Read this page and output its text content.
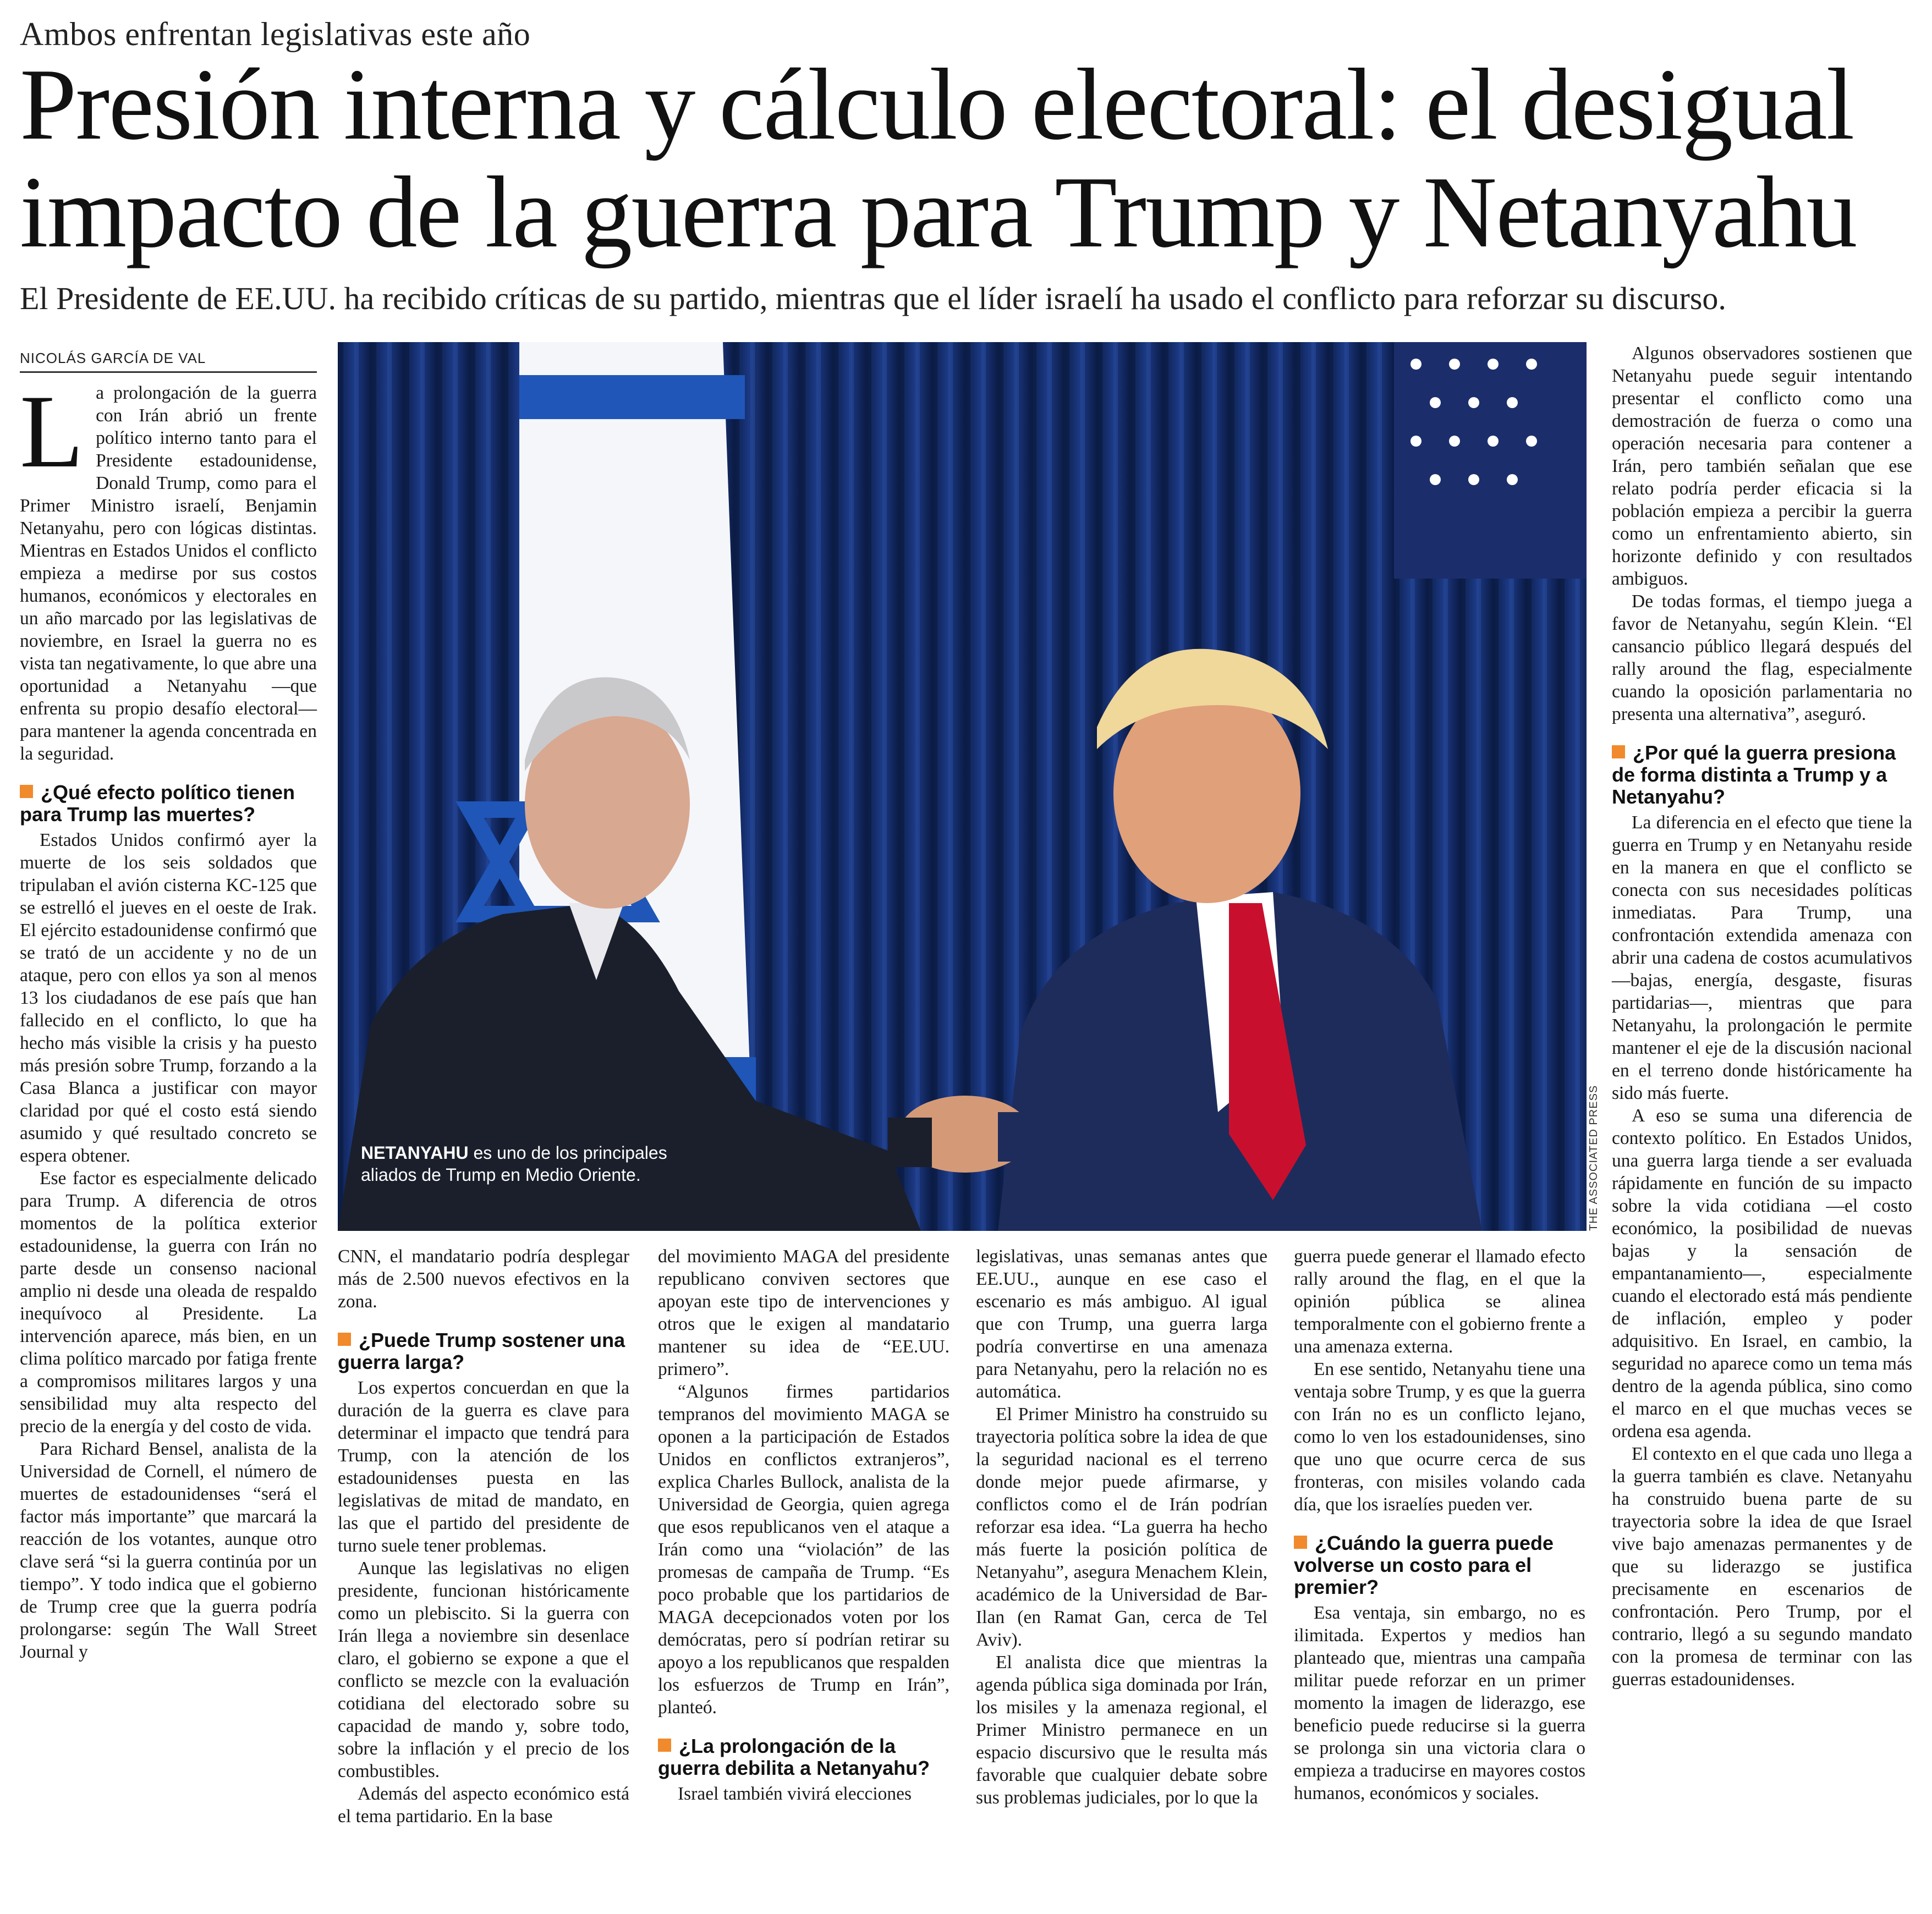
Ambos enfrentan legislativas este año
Presión interna y cálculo electoral: el desigual
impacto de la guerra para Trump y Netanyahu
El Presidente de EE.UU. ha recibido críticas de su partido, mientras que el líder israelí ha usado el conflicto para reforzar su discurso.
NICOLÁS GARCÍA DE VAL
NETANYAHU es uno de los principales aliados de Trump en Medio Oriente.	THE ASSOCIATED PRESS

La prolongación de la guerra con Irán abrió un frente político interno tanto para el Presidente estadounidense, Donald Trump, como para el Primer Ministro israelí, Benjamin Netanyahu, pero con lógicas distintas. Mientras en Estados Unidos el conflicto empieza a medirse por sus costos humanos, económicos y electorales en un año marcado por las legislativas de noviembre, en Israel la guerra no es vista tan negativamente, lo que abre una oportunidad a Netanyahu —que enfrenta su propio desafío electoral— para mantener la agenda concentrada en la seguridad.

¿Qué efecto político tienen para Trump las muertes?

Estados Unidos confirmó ayer la muerte de los seis soldados que tripulaban el avión cisterna KC-125 que se estrelló el jueves en el oeste de Irak. El ejército estadounidense confirmó que se trató de un accidente y no de un ataque, pero con ellos ya son al menos 13 los ciudadanos de ese país que han fallecido en el conflicto, lo que ha hecho más visible la crisis y ha puesto más presión sobre Trump, forzando a la Casa Blanca a justificar con mayor claridad por qué el costo está siendo asumido y qué resultado concreto se espera obtener.

Ese factor es especialmente delicado para Trump. A diferencia de otros momentos de la política exterior estadounidense, la guerra con Irán no parte desde un consenso nacional amplio ni desde una oleada de respaldo inequívoco al Presidente. La intervención aparece, más bien, en un clima político marcado por fatiga frente a compromisos militares largos y una sensibilidad muy alta respecto del precio de la energía y del costo de vida.

Para Richard Bensel, analista de la Universidad de Cornell, el número de muertes de estadounidenses “será el factor más importante” que marcará la reacción de los votantes, aunque otro clave será “si la guerra continúa por un tiempo”. Y todo indica que el gobierno de Trump cree que la guerra podría prolongarse: según The Wall Street Journal y

CNN, el mandatario podría desplegar más de 2.500 nuevos efectivos en la zona.

¿Puede Trump sostener una guerra larga?

Los expertos concuerdan en que la duración de la guerra es clave para determinar el impacto que tendrá para Trump, con la atención de los estadounidenses puesta en las legislativas de mitad de mandato, en las que el partido del presidente de turno suele tener problemas.

Aunque las legislativas no eligen presidente, funcionan históricamente como un plebiscito. Si la guerra con Irán llega a noviembre sin desenlace claro, el gobierno se expone a que el conflicto se mezcle con la evaluación cotidiana del electorado sobre su capacidad de mando y, sobre todo, sobre la inflación y el precio de los combustibles.

Además del aspecto económico está el tema partidario. En la base

del movimiento MAGA del presidente republicano conviven sectores que apoyan este tipo de intervenciones y otros que le exigen al mandatario mantener su idea de “EE.UU. primero”.

“Algunos firmes partidarios tempranos del movimiento MAGA se oponen a la participación de Estados Unidos en conflictos extranjeros”, explica Charles Bullock, analista de la Universidad de Georgia, quien agrega que esos republicanos ven el ataque a Irán como una “violación” de las promesas de campaña de Trump. “Es poco probable que los partidarios de MAGA decepcionados voten por los demócratas, pero sí podrían retirar su apoyo a los republicanos que respalden los esfuerzos de Trump en Irán”, planteó.

¿La prolongación de la guerra debilita a Netanyahu?

Israel también vivirá elecciones

legislativas, unas semanas antes que EE.UU., aunque en ese caso el escenario es más ambiguo. Al igual que con Trump, una guerra larga podría convertirse en una amenaza para Netanyahu, pero la relación no es automática.

El Primer Ministro ha construido su trayectoria política sobre la idea de que la seguridad nacional es el terreno donde mejor puede afirmarse, y conflictos como el de Irán podrían reforzar esa idea. “La guerra ha hecho más fuerte la posición política de Netanyahu”, asegura Menachem Klein, académico de la Universidad de Bar-Ilan (en Ramat Gan, cerca de Tel Aviv).

El analista dice que mientras la agenda pública siga dominada por Irán, los misiles y la amenaza regional, el Primer Ministro permanece en un espacio discursivo que le resulta más favorable que cualquier debate sobre sus problemas judiciales, por lo que la

guerra puede generar el llamado efecto rally around the flag, en el que la opinión pública se alinea temporalmente con el gobierno frente a una amenaza externa.

En ese sentido, Netanyahu tiene una ventaja sobre Trump, y es que la guerra con Irán no es un conflicto lejano, como lo ven los estadounidenses, sino que uno que ocurre cerca de sus fronteras, con misiles volando cada día, que los israelíes pueden ver.

¿Cuándo la guerra puede volverse un costo para el premier?

Esa ventaja, sin embargo, no es ilimitada. Expertos y medios han planteado que, mientras una campaña militar puede reforzar en un primer momento la imagen de liderazgo, ese beneficio puede reducirse si la guerra se prolonga sin una victoria clara o empieza a traducirse en mayores costos humanos, económicos y sociales.

Algunos observadores sostienen que Netanyahu puede seguir intentando presentar el conflicto como una demostración de fuerza o como una operación necesaria para contener a Irán, pero también señalan que ese relato podría perder eficacia si la población empieza a percibir la guerra como un enfrentamiento abierto, sin horizonte definido y con resultados ambiguos.

De todas formas, el tiempo juega a favor de Netanyahu, según Klein. “El cansancio público llegará después del rally around the flag, especialmente cuando la oposición parlamentaria no presenta una alternativa”, aseguró.

¿Por qué la guerra presiona de forma distinta a Trump y a Netanyahu?

La diferencia en el efecto que tiene la guerra en Trump y en Netanyahu reside en la manera en que el conflicto se conecta con sus necesidades políticas inmediatas. Para Trump, una confrontación extendida amenaza con abrir una cadena de costos acumulativos —bajas, energía, desgaste, fisuras partidarias—, mientras que para Netanyahu, la prolongación le permite mantener el eje de la discusión nacional en el terreno donde históricamente ha sido más fuerte.

A eso se suma una diferencia de contexto político. En Estados Unidos, una guerra larga tiende a ser evaluada rápidamente en función de su impacto sobre la vida cotidiana —el costo económico, la posibilidad de nuevas bajas y la sensación de empantanamiento—, especialmente cuando el electorado está más pendiente de inflación, empleo y poder adquisitivo. En Israel, en cambio, la seguridad no aparece como un tema más dentro de la agenda pública, sino como el marco en el que muchas veces se ordena esa agenda.

El contexto en el que cada uno llega a la guerra también es clave. Netanyahu ha construido buena parte de su trayectoria sobre la idea de que Israel vive bajo amenazas permanentes y de que su liderazgo se justifica precisamente en escenarios de confrontación. Pero Trump, por el contrario, llegó a su segundo mandato con la promesa de terminar con las guerras estadounidenses.
